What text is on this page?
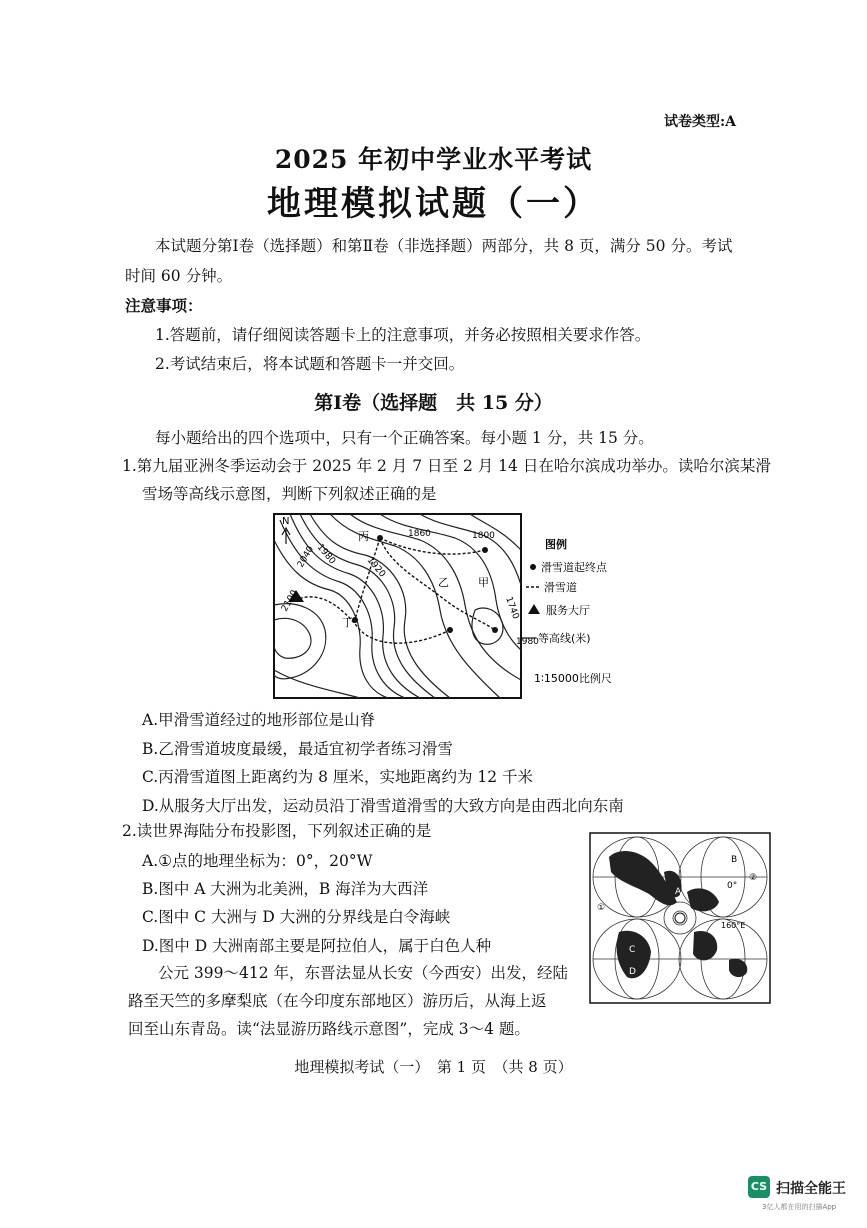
试卷类型:A
2025 年初中学业水平考试
地理模拟试题（一）
本试题分第Ⅰ卷（选择题）和第Ⅱ卷（非选择题）两部分，共 8 页，满分 50 分。考试
时间 60 分钟。
注意事项：
1.答题前，请仔细阅读答题卡上的注意事项，并务必按照相关要求作答。
2.考试结束后，将本试题和答题卡一并交回。
第Ⅰ卷（选择题　共 15 分）
每小题给出的四个选项中，只有一个正确答案。每小题 1 分，共 15 分。
1.第九届亚洲冬季运动会于 2025 年 2 月 7 日至 2 月 14 日在哈尔滨成功举办。读哈尔滨某滑
雪场等高线示意图，判断下列叙述正确的是
N
1980
1920
1860	1800
2040
2100	1740
1980
丙
甲
乙
丁
图例
滑雪道起终点
滑雪道
服务大厅
等高线(米)
1∶15000比例尺
A.甲滑雪道经过的地形部位是山脊
B.乙滑雪道坡度最缓，最适宜初学者练习滑雪
C.丙滑雪道图上距离约为 8 厘米，实地距离约为 12 千米
D.从服务大厅出发，运动员沿丁滑雪道滑雪的大致方向是由西北向东南
2.读世界海陆分布投影图，下列叙述正确的是
A.①点的地理坐标为：0°，20°W
B.图中 A 大洲为北美洲，B 海洋为大西洋
C.图中 C 大洲与 D 大洲的分界线是白令海峡
D.图中 D 大洲南部主要是阿拉伯人，属于白色人种
A
B
C
D
①
②
0°
160°E
公元 399～412 年，东晋法显从长安（今西安）出发，经陆
路至天竺的多摩梨底（在今印度东部地区）游历后，从海上返
回至山东青岛。读“法显游历路线示意图”，完成 3～4 题。
地理模拟考试（一）　第 1 页　（共 8 页）
CS 扫描全能王
3亿人都在用的扫描App
